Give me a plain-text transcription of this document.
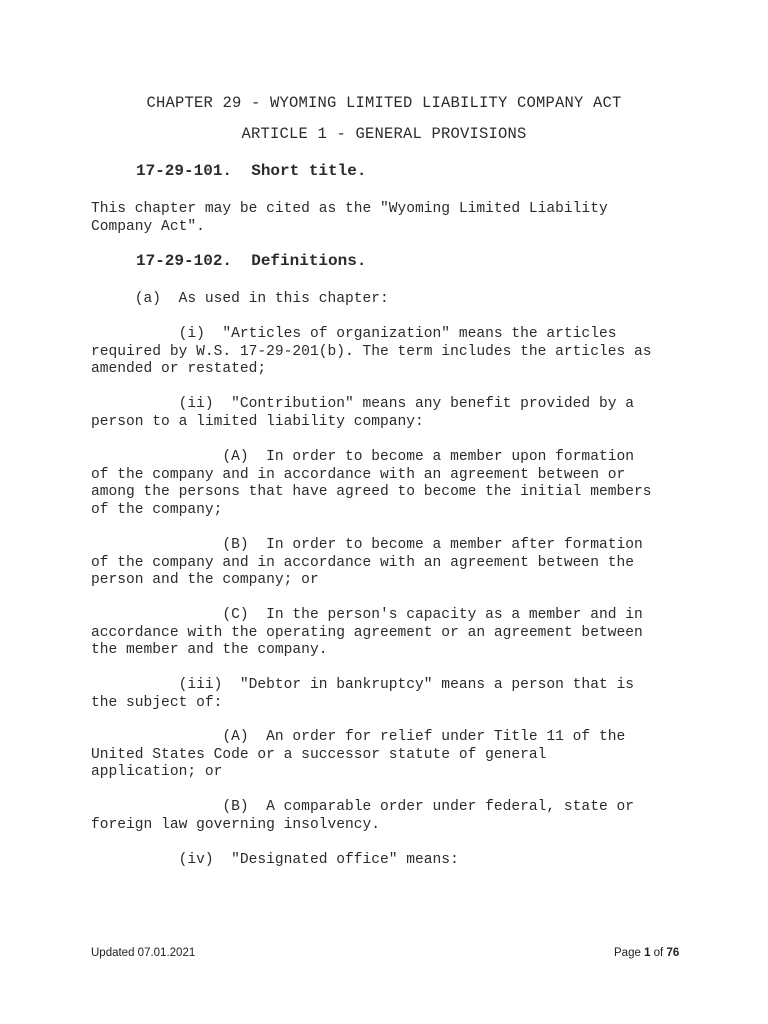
CHAPTER 29 - WYOMING LIMITED LIABILITY COMPANY ACT
ARTICLE 1 - GENERAL PROVISIONS
17-29-101.  Short title.

This chapter may be cited as the "Wyoming Limited Liability
Company Act".

17-29-102.  Definitions.

(a)  As used in this chapter:

(i)  "Articles of organization" means the articles
required by W.S. 17-29-201(b). The term includes the articles as
amended or restated;

(ii)  "Contribution" means any benefit provided by a
person to a limited liability company:

(A)  In order to become a member upon formation
of the company and in accordance with an agreement between or
among the persons that have agreed to become the initial members
of the company;

(B)  In order to become a member after formation
of the company and in accordance with an agreement between the
person and the company; or

(C)  In the person's capacity as a member and in
accordance with the operating agreement or an agreement between
the member and the company.

(iii)  "Debtor in bankruptcy" means a person that is
the subject of:

(A)  An order for relief under Title 11 of the
United States Code or a successor statute of general
application; or

(B)  A comparable order under federal, state or
foreign law governing insolvency.

(iv)  "Designated office" means:

Updated 07.01.2021	Page 1 of 76
